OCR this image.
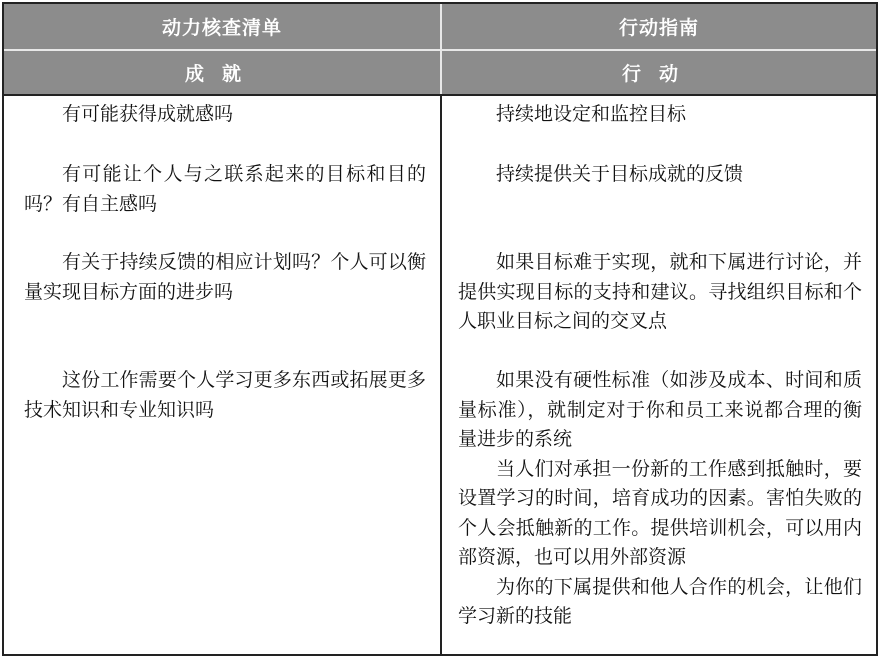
动力核查清单	行动指南
成就	行动

有可能获得成就感吗

有可能让个人与之联系起来的目标和目的吗？有自主感吗

有关于持续反馈的相应计划吗？个人可以衡量实现目标方面的进步吗

这份工作需要个人学习更多东西或拓展更多技术知识和专业知识吗

持续地设定和监控目标

持续提供关于目标成就的反馈

如果目标难于实现，就和下属进行讨论，并提供实现目标的支持和建议。寻找组织目标和个人职业目标之间的交叉点

如果没有硬性标准（如涉及成本、时间和质量标准），就制定对于你和员工来说都合理的衡量进步的系统

当人们对承担一份新的工作感到抵触时，要设置学习的时间，培育成功的因素。害怕失败的个人会抵触新的工作。提供培训机会，可以用内部资源，也可以用外部资源

为你的下属提供和他人合作的机会，让他们学习新的技能
